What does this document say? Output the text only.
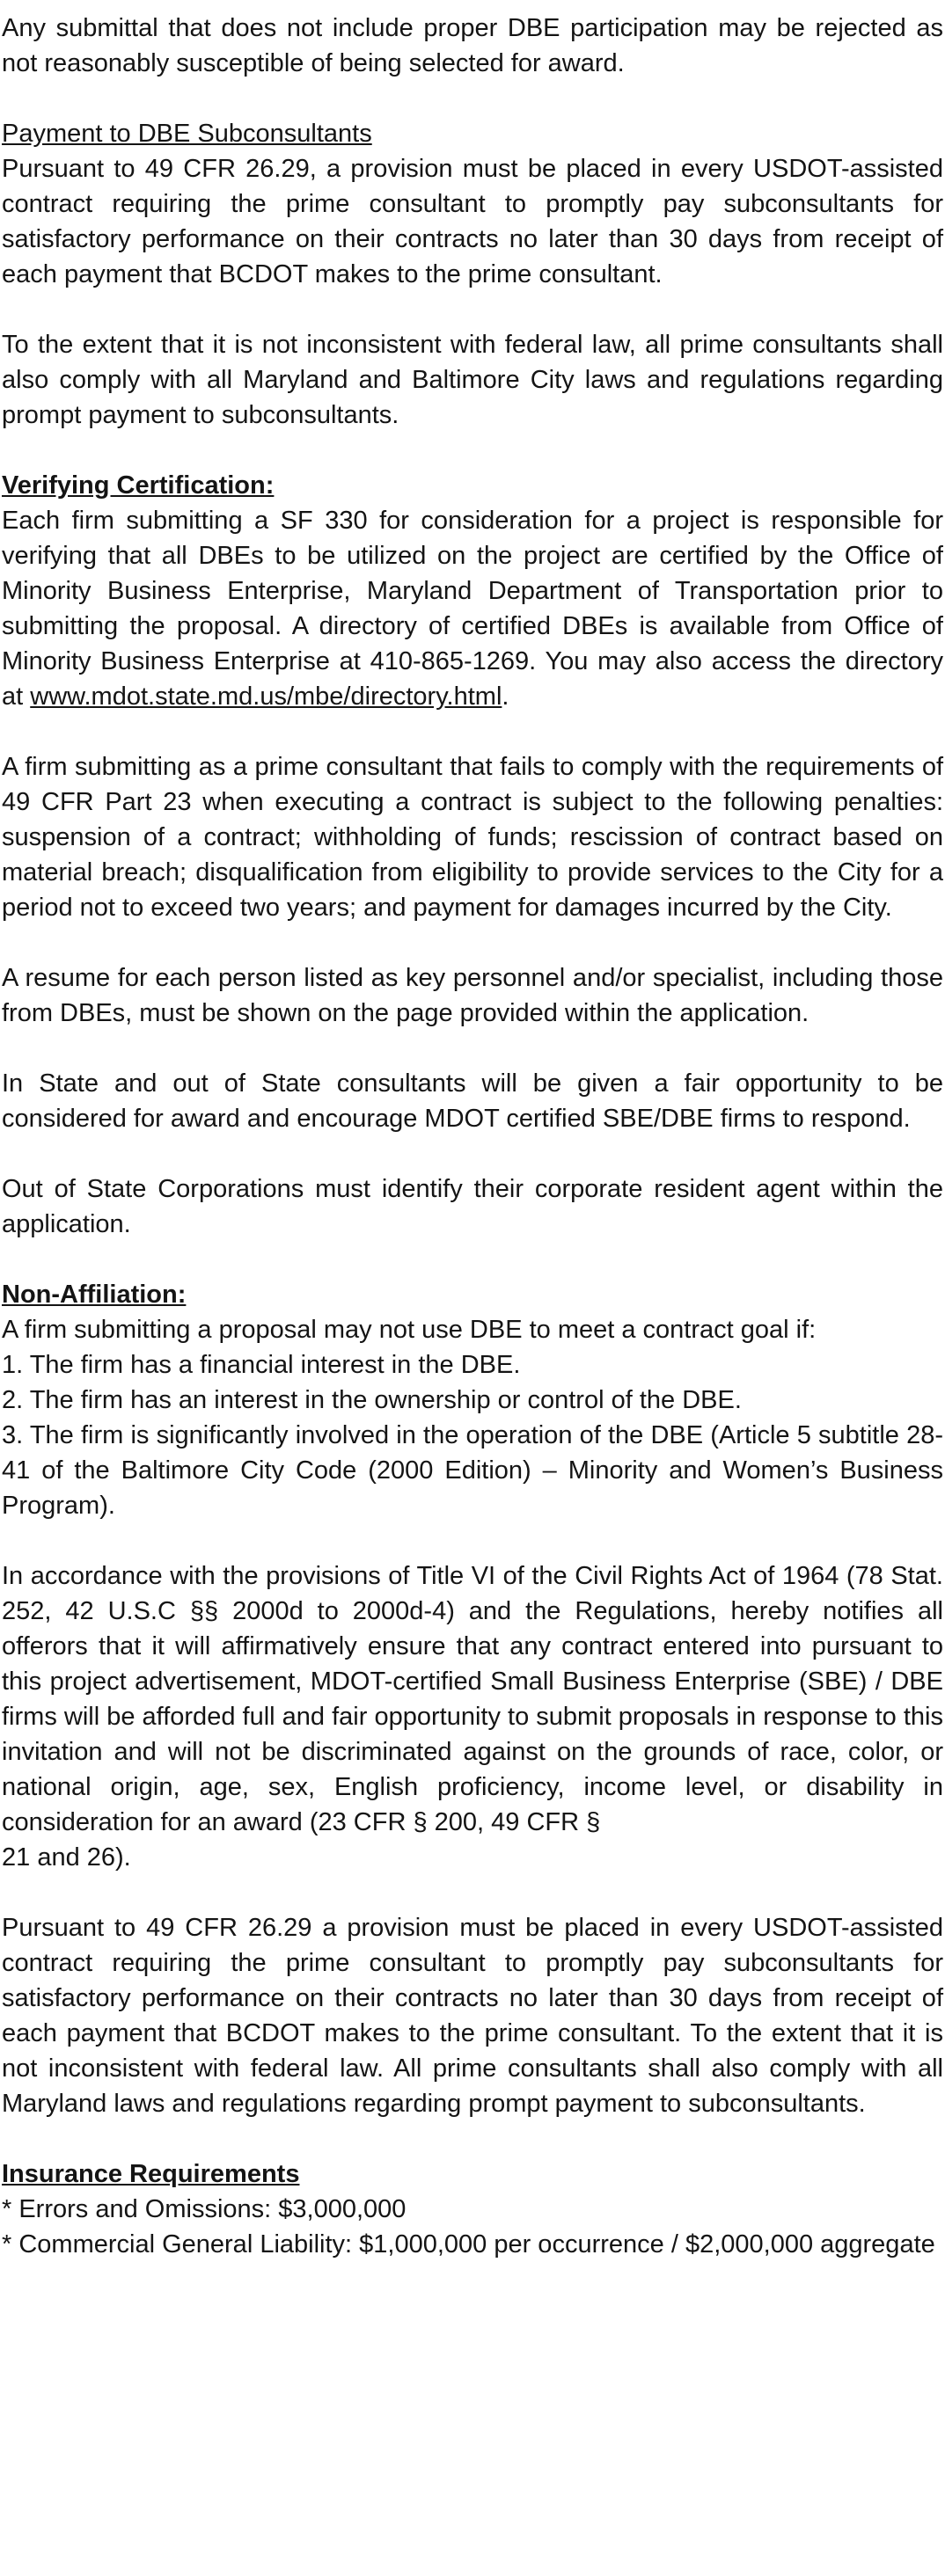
Any submittal that does not include proper DBE participation may be rejected as not reasonably susceptible of being selected for award.

Payment to DBE Subconsultants

Pursuant to 49 CFR 26.29, a provision must be placed in every USDOT-assisted contract requiring the prime consultant to promptly pay subconsultants for satisfactory performance on their contracts no later than 30 days from receipt of each payment that BCDOT makes to the prime consultant.

To the extent that it is not inconsistent with federal law, all prime consultants shall also comply with all Maryland and Baltimore City laws and regulations regarding prompt payment to subconsultants.

Verifying Certification:

Each firm submitting a SF 330 for consideration for a project is responsible for verifying that all DBEs to be utilized on the project are certified by the Office of Minority Business Enterprise, Maryland Department of Transportation prior to submitting the proposal. A directory of certified DBEs is available from Office of Minority Business Enterprise at 410-865-1269. You may also access the directory at www.mdot.state.md.us/mbe/directory.html.

A firm submitting as a prime consultant that fails to comply with the requirements of 49 CFR Part 23 when executing a contract is subject to the following penalties: suspension of a contract; withholding of funds; rescission of contract based on material breach; disqualification from eligibility to provide services to the City for a period not to exceed two years; and payment for damages incurred by the City.

A resume for each person listed as key personnel and/or specialist, including those from DBEs, must be shown on the page provided within the application.

In State and out of State consultants will be given a fair opportunity to be considered for award and encourage MDOT certified SBE/DBE firms to respond.

Out of State Corporations must identify their corporate resident agent within the application.

Non-Affiliation:
A firm submitting a proposal may not use DBE to meet a contract goal if:
1. The firm has a financial interest in the DBE.
2. The firm has an interest in the ownership or control of the DBE.
3. The firm is significantly involved in the operation of the DBE (Article 5 subtitle 28-41 of the Baltimore City Code (2000 Edition) – Minority and Women’s Business Program).

In accordance with the provisions of Title VI of the Civil Rights Act of 1964 (78 Stat. 252, 42 U.S.C §§ 2000d to 2000d-4) and the Regulations, hereby notifies all offerors that it will affirmatively ensure that any contract entered into pursuant to this project advertisement, MDOT-certified Small Business Enterprise (SBE) / DBE firms will be afforded full and fair opportunity to submit proposals in response to this invitation and will not be discriminated against on the grounds of race, color, or national origin, age, sex, English proficiency, income level, or disability in consideration for an award (23 CFR § 200, 49 CFR §

21 and 26).

Pursuant to 49 CFR 26.29 a provision must be placed in every USDOT-assisted contract requiring the prime consultant to promptly pay subconsultants for satisfactory performance on their contracts no later than 30 days from receipt of each payment that BCDOT makes to the prime consultant. To the extent that it is not inconsistent with federal law. All prime consultants shall also comply with all Maryland laws and regulations regarding prompt payment to subconsultants.

Insurance Requirements
* Errors and Omissions: $3,000,000
* Commercial General Liability: $1,000,000 per occurrence / $2,000,000 aggregate
